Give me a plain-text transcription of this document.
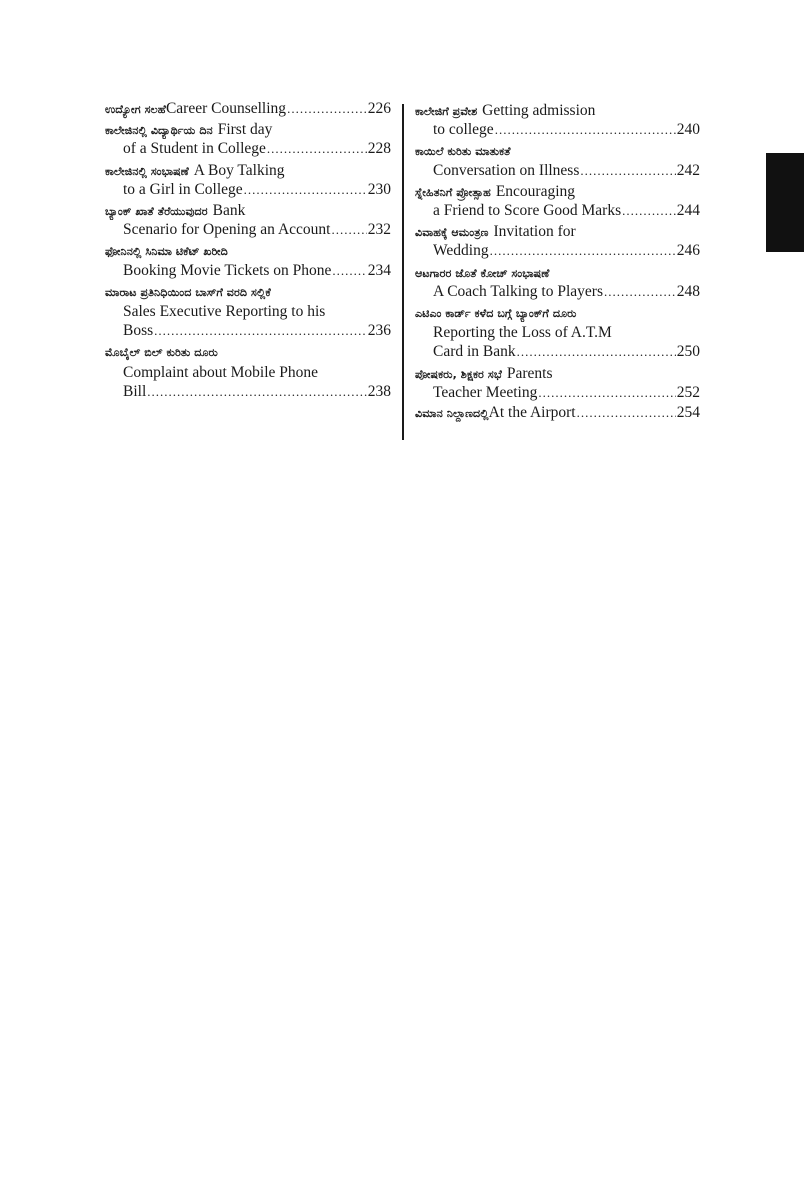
ಉದ್ಯೋಗ ಸಲಹೆ Career Counselling .....	226
ಕಾಲೇಜಿನಲ್ಲಿ ವಿದ್ಯಾರ್ಥಿಯ ದಿನ First day
of a Student in College .....	228
ಕಾಲೇಜಿನಲ್ಲಿ ಸಂಭಾಷಣೆ A Boy Talking
to a Girl in College .....	230
ಬ್ಯಾಂಕ್ ಖಾತೆ ತೆರೆಯುವುದರ Bank
Scenario for Opening an Account ..... 232
ಫೋನಿನಲ್ಲಿ ಸಿನಿಮಾ ಟಿಕೆಟ್ ಖರೀದಿ
Booking Movie Tickets on Phone ..... 234
ಮಾರಾಟ ಪ್ರತಿನಿಧಿಯಿಂದ ಬಾಸ್‌ಗೆ ವರದಿ ಸಲ್ಲಿಕೆ
Sales Executive Reporting to his
Boss .....	236
ಮೊಬೈಲ್ ಬಿಲ್ ಕುರಿತು ದೂರು
Complaint about Mobile Phone
Bill .....	238
ಕಾಲೇಜಿಗೆ ಪ್ರವೇಶ Getting admission
to college .....	240
ಕಾಯಿಲೆ ಕುರಿತು ಮಾತುಕತೆ
Conversation on Illness .....	242
ಸ್ನೇಹಿತನಿಗೆ ಪ್ರೋತ್ಸಾಹ Encouraging
a Friend to Score Good Marks .....	244
ವಿವಾಹಕ್ಕೆ ಆಮಂತ್ರಣ Invitation for
Wedding .....	246
ಆಟಗಾರರ ಜೊತೆ ಕೋಚ್ ಸಂಭಾಷಣೆ
A Coach Talking to Players .....	248
ಎಟಿಎಂ ಕಾರ್ಡ್ ಕಳೆದ ಬಗ್ಗೆ ಬ್ಯಾಂಕ್‌ಗೆ ದೂರು
Reporting the Loss of A.T.M
Card in Bank .....	250
ಪೋಷಕರು, ಶಿಕ್ಷಕರ ಸಭೆ Parents
Teacher Meeting .....	252
ವಿಮಾನ ನಿಲ್ದಾಣದಲ್ಲಿ At the Airport .....	254
